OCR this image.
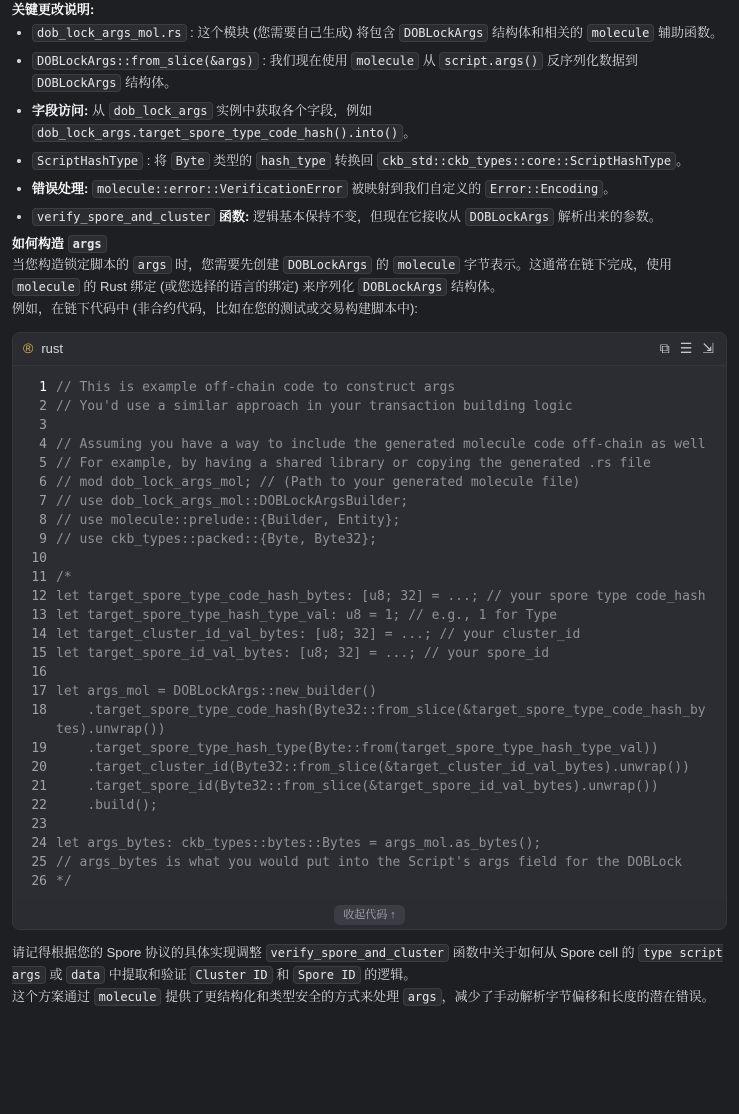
关键更改说明:
• dob_lock_args_mol.rs : 这个模块 (您需要自己生成) 将包含 DOBLockArgs 结构体和相关的 molecule 辅助函数。
• DOBLockArgs::from_slice(&args) : 我们现在使用 molecule 从 script.args() 反序列化数据到 DOBLockArgs 结构体。
• 字段访问: 从 dob_lock_args 实例中获取各个字段，例如 dob_lock_args.target_spore_type_code_hash().into() 。
• ScriptHashType : 将 Byte 类型的 hash_type 转换回 ckb_std::ckb_types::core::ScriptHashType 。
• 错误处理: molecule::error::VerificationError 被映射到我们自定义的 Error::Encoding 。
• verify_spore_and_cluster 函数: 逻辑基本保持不变，但现在它接收从 DOBLockArgs 解析出来的参数。
如何构造 args

当您构造锁定脚本的 args 时，您需要先创建 DOBLockArgs 的 molecule 字节表示。这通常在链下完成，使用 molecule 的 Rust 绑定 (或您选择的语言的绑定) 来序列化 DOBLockArgs 结构体。

例如，在链下代码中 (非合约代码，比如在您的测试或交易构建脚本中):

® rust	⧉ ☰ ⇲
1 // This is example off-chain code to construct args
2 // You'd use a similar approach in your transaction building logic
3

4 // Assuming you have a way to include the generated molecule code off-chain as well
5 // For example, by having a shared library or copying the generated .rs file
6 // mod dob_lock_args_mol; // (Path to your generated molecule file)
7 // use dob_lock_args_mol::DOBLockArgsBuilder;
8 // use molecule::prelude::{Builder, Entity};
9 // use ckb_types::packed::{Byte, Byte32};
10

11 /*
12 let target_spore_type_code_hash_bytes: [u8; 32] = ...; // your spore type code_hash
13 let target_spore_type_hash_type_val: u8 = 1; // e.g., 1 for Type
14 let target_cluster_id_val_bytes: [u8; 32] = ...; // your cluster_id
15 let target_spore_id_val_bytes: [u8; 32] = ...; // your spore_id
16

17 let args_mol = DOBLockArgs::new_builder()
18 .target_spore_type_code_hash(Byte32::from_slice(&target_spore_type_code_hash_bytes).unwrap())
19 .target_spore_type_hash_type(Byte::from(target_spore_type_hash_type_val))
20 .target_cluster_id(Byte32::from_slice(&target_cluster_id_val_bytes).unwrap())
21 .target_spore_id(Byte32::from_slice(&target_spore_id_val_bytes).unwrap())
22 .build();
23

24 let args_bytes: ckb_types::bytes::Bytes = args_mol.as_bytes();
25 // args_bytes is what you would put into the Script's args field for the DOBLock
26 */
收起代码 ↑

请记得根据您的 Spore 协议的具体实现调整 verify_spore_and_cluster 函数中关于如何从 Spore cell 的 type script args 或 data 中提取和验证 Cluster ID 和 Spore ID 的逻辑。

这个方案通过 molecule 提供了更结构化和类型安全的方式来处理 args ，减少了手动解析字节偏移和长度的潜在错误。
